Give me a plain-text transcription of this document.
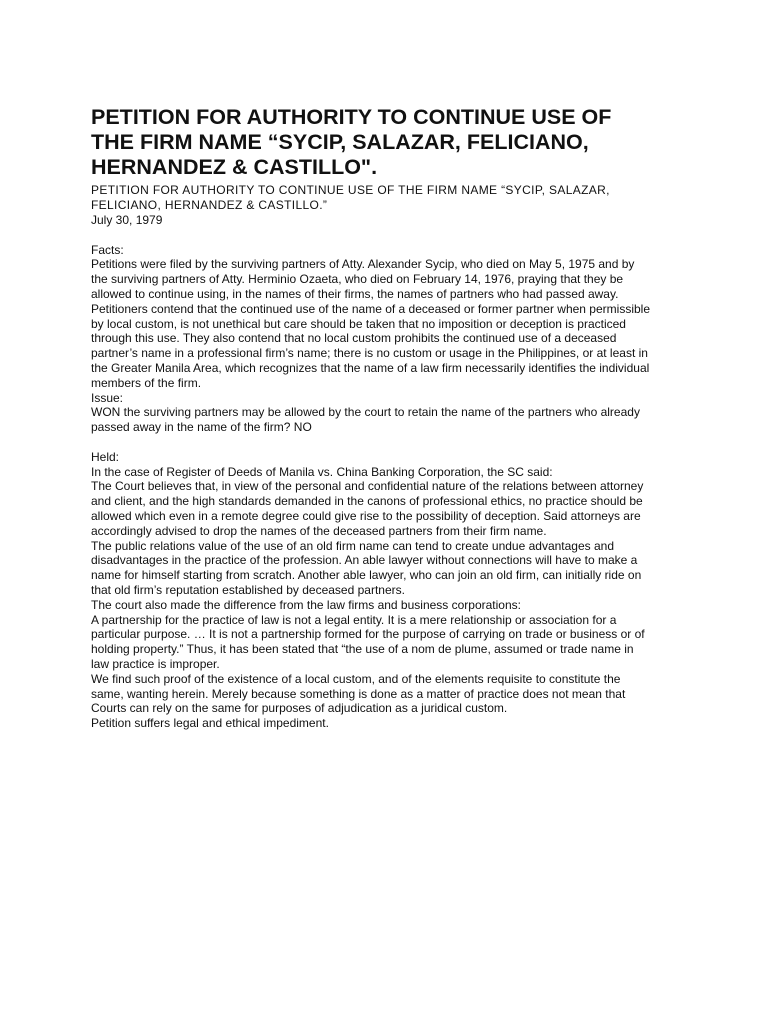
PETITION FOR AUTHORITY TO CONTINUE USE OF
THE FIRM NAME “SYCIP, SALAZAR, FELICIANO,
HERNANDEZ & CASTILLO".
PETITION FOR AUTHORITY TO CONTINUE USE OF THE FIRM NAME “SYCIP, SALAZAR,
FELICIANO, HERNANDEZ & CASTILLO.”
July 30, 1979
Facts:
Petitions were filed by the surviving partners of Atty. Alexander Sycip, who died on May 5, 1975 and by
the surviving partners of Atty. Herminio Ozaeta, who died on February 14, 1976, praying that they be
allowed to continue using, in the names of their firms, the names of partners who had passed away.
Petitioners contend that the continued use of the name of a deceased or former partner when permissible
by local custom, is not unethical but care should be taken that no imposition or deception is practiced
through this use. They also contend that no local custom prohibits the continued use of a deceased
partner’s name in a professional firm’s name; there is no custom or usage in the Philippines, or at least in
the Greater Manila Area, which recognizes that the name of a law firm necessarily identifies the individual
members of the firm.
Issue:
WON the surviving partners may be allowed by the court to retain the name of the partners who already
passed away in the name of the firm? NO
Held:
In the case of Register of Deeds of Manila vs. China Banking Corporation, the SC said:
The Court believes that, in view of the personal and confidential nature of the relations between attorney
and client, and the high standards demanded in the canons of professional ethics, no practice should be
allowed which even in a remote degree could give rise to the possibility of deception. Said attorneys are
accordingly advised to drop the names of the deceased partners from their firm name.
The public relations value of the use of an old firm name can tend to create undue advantages and
disadvantages in the practice of the profession. An able lawyer without connections will have to make a
name for himself starting from scratch. Another able lawyer, who can join an old firm, can initially ride on
that old firm’s reputation established by deceased partners.
The court also made the difference from the law firms and business corporations:
A partnership for the practice of law is not a legal entity. It is a mere relationship or association for a
particular purpose. … It is not a partnership formed for the purpose of carrying on trade or business or of
holding property.” Thus, it has been stated that “the use of a nom de plume, assumed or trade name in
law practice is improper.
We find such proof of the existence of a local custom, and of the elements requisite to constitute the
same, wanting herein. Merely because something is done as a matter of practice does not mean that
Courts can rely on the same for purposes of adjudication as a juridical custom.
Petition suffers legal and ethical impediment.
